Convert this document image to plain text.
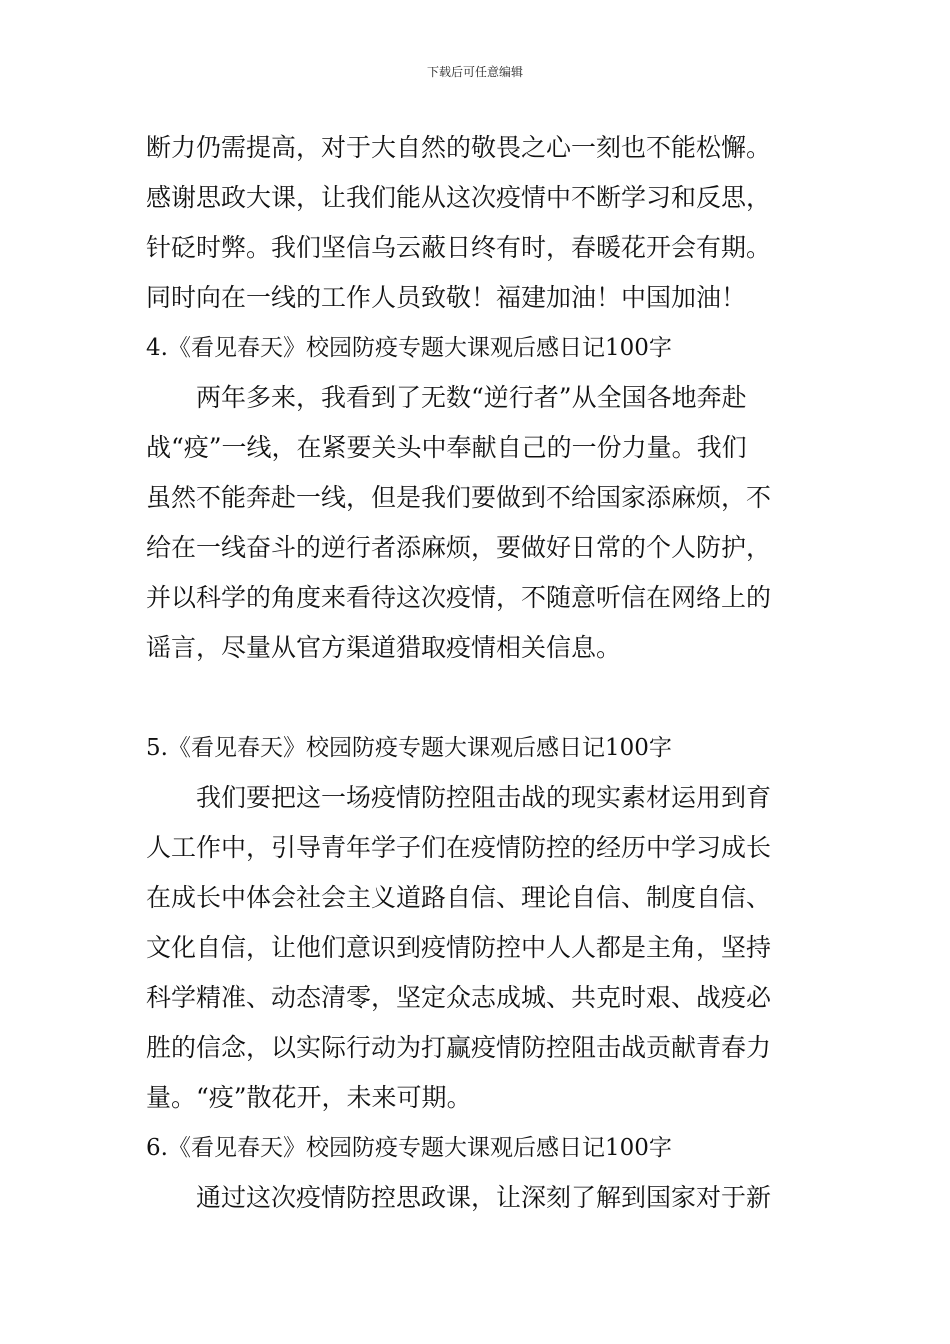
下载后可任意编辑
断力仍需提高，对于大自然的敬畏之心一刻也不能松懈。
感谢思政大课，让我们能从这次疫情中不断学习和反思，
针砭时弊。我们坚信乌云蔽日终有时，春暖花开会有期。
同时向在一线的工作人员致敬！福建加油！中国加油！
4.《看见春天》校园防疫专题大课观后感日记100字
两年多来，我看到了无数“逆行者”从全国各地奔赴
战“疫”一线，在紧要关头中奉献自己的一份力量。我们
虽然不能奔赴一线，但是我们要做到不给国家添麻烦，不
给在一线奋斗的逆行者添麻烦，要做好日常的个人防护，
并以科学的角度来看待这次疫情，不随意听信在网络上的
谣言，尽量从官方渠道猎取疫情相关信息。
5.《看见春天》校园防疫专题大课观后感日记100字
我们要把这一场疫情防控阻击战的现实素材运用到育
人工作中，引导青年学子们在疫情防控的经历中学习成长
在成长中体会社会主义道路自信、理论自信、制度自信、
文化自信，让他们意识到疫情防控中人人都是主角，坚持
科学精准、动态清零，坚定众志成城、共克时艰、战疫必
胜的信念，以实际行动为打赢疫情防控阻击战贡献青春力
量。“疫”散花开，未来可期。
6.《看见春天》校园防疫专题大课观后感日记100字
通过这次疫情防控思政课，让深刻了解到国家对于新
